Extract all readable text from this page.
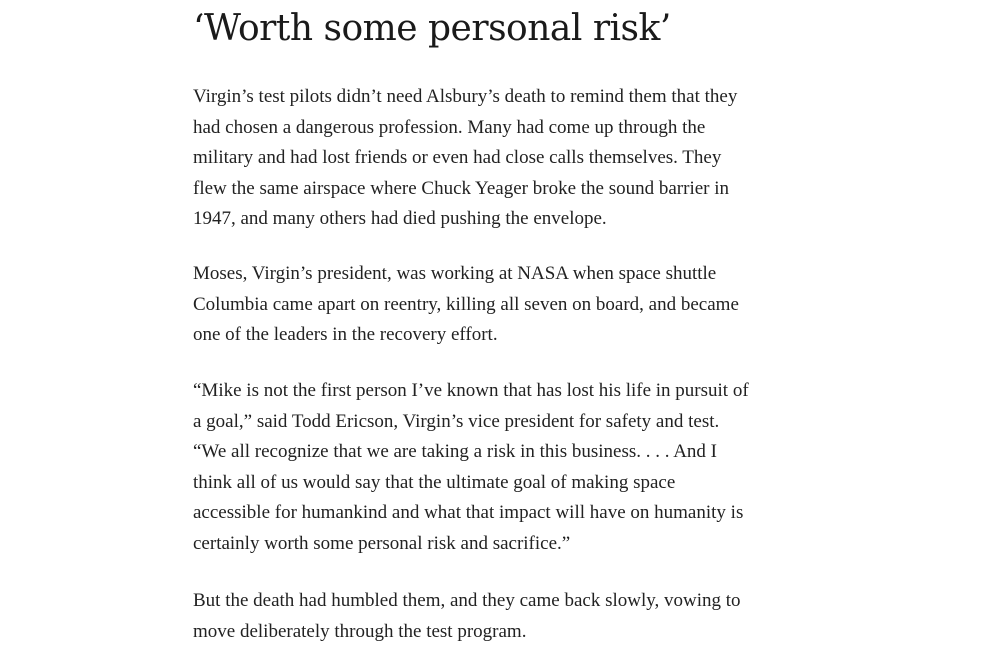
‘Worth some personal risk’

Virgin’s test pilots didn’t need Alsbury’s death to remind them that they
had chosen a dangerous profession. Many had come up through the
military and had lost friends or even had close calls themselves. They
flew the same airspace where Chuck Yeager broke the sound barrier in
1947, and many others had died pushing the envelope.

Moses, Virgin’s president, was working at NASA when space shuttle
Columbia came apart on reentry, killing all seven on board, and became
one of the leaders in the recovery effort.

“Mike is not the first person I’ve known that has lost his life in pursuit of
a goal,” said Todd Ericson, Virgin’s vice president for safety and test.
“We all recognize that we are taking a risk in this business. . . . And I
think all of us would say that the ultimate goal of making space
accessible for humankind and what that impact will have on humanity is
certainly worth some personal risk and sacrifice.”

But the death had humbled them, and they came back slowly, vowing to
move deliberately through the test program.
